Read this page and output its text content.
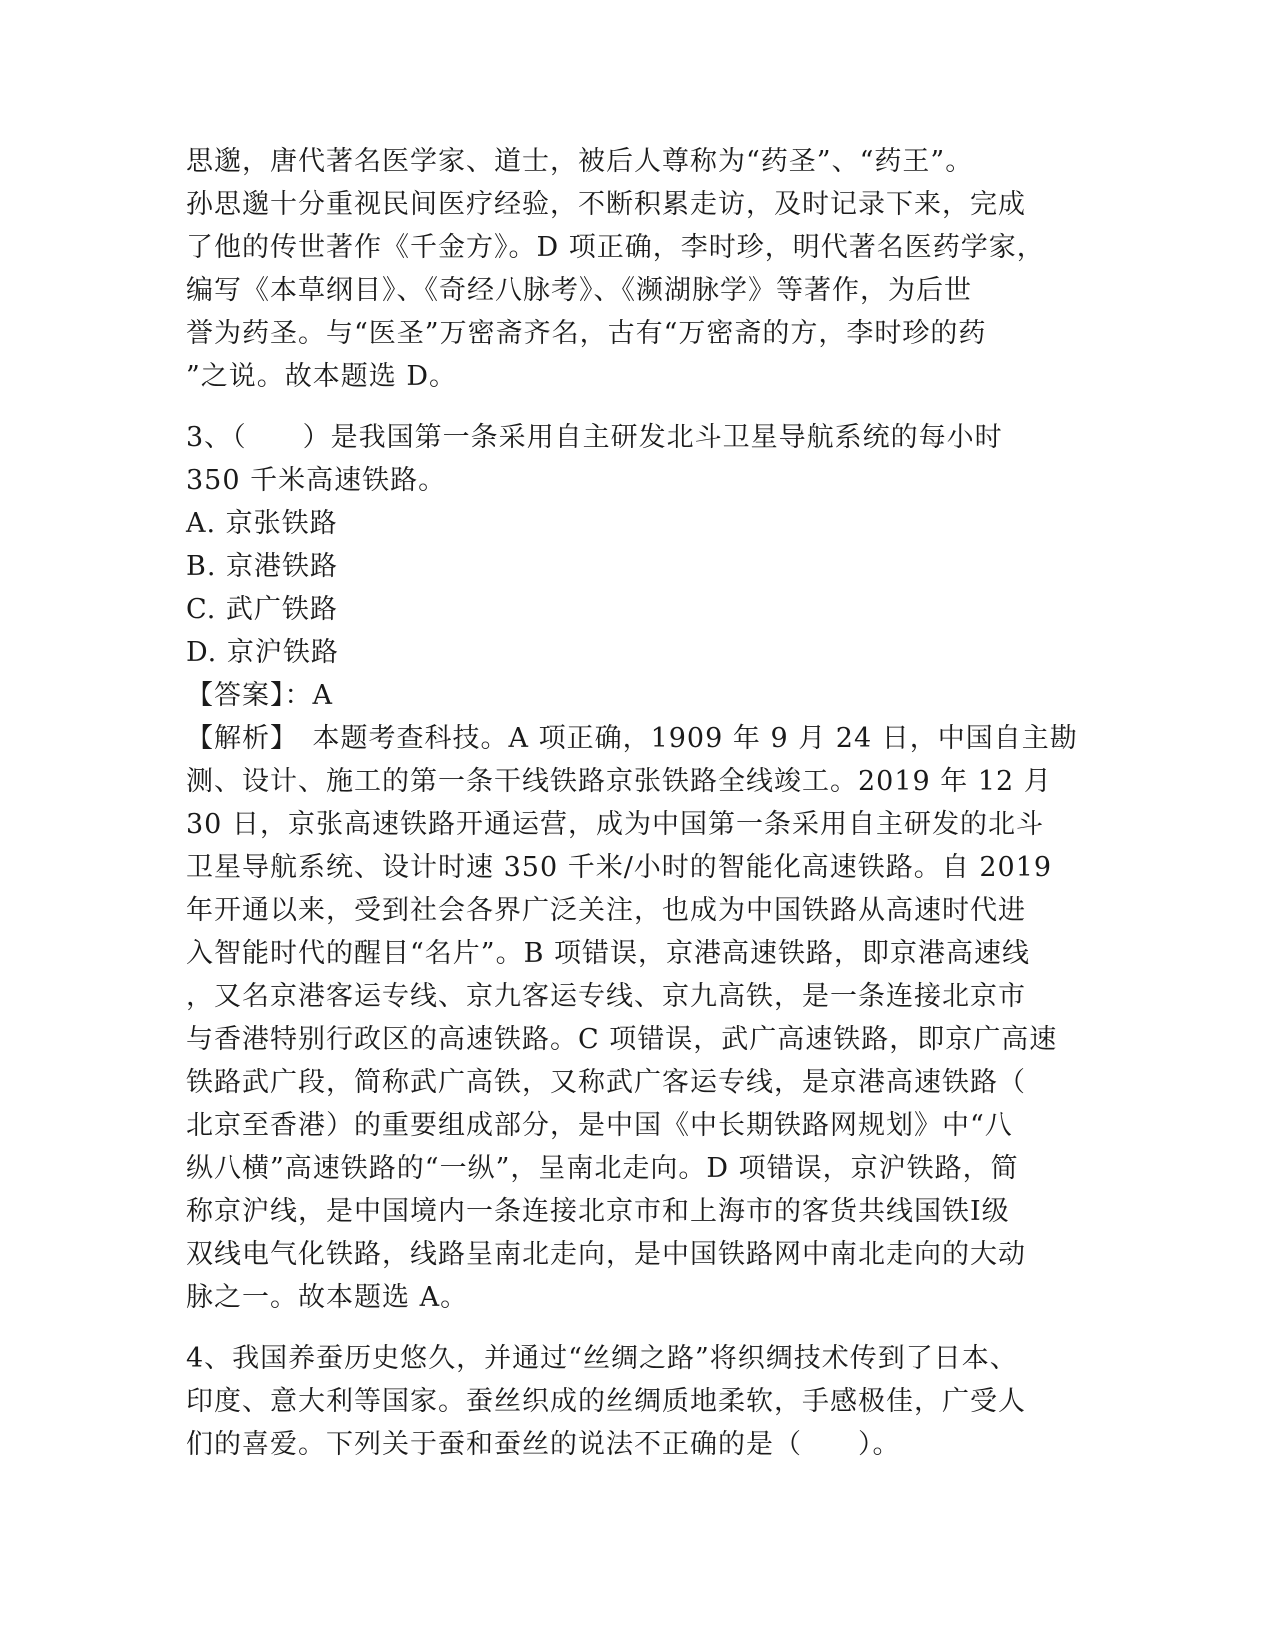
思邈，唐代著名医学家、道士，被后人尊称为“药圣”、“药王”。
孙思邈十分重视民间医疗经验，不断积累走访，及时记录下来，完成
了他的传世著作《千金方》。D 项正确，李时珍，明代著名医药学家，
编写《本草纲目》、《奇经八脉考》、《濒湖脉学》等著作，为后世
誉为药圣。与“医圣”万密斋齐名，古有“万密斋的方，李时珍的药
”之说。故本题选 D。
3、（　　）是我国第一条采用自主研发北斗卫星导航系统的每小时
350 千米高速铁路。
A. 京张铁路
B. 京港铁路
C. 武广铁路
D. 京沪铁路
【答案】：A
【解析】　本题考查科技。A 项正确，1909 年 9 月 24 日，中国自主勘
测、设计、施工的第一条干线铁路京张铁路全线竣工。2019 年 12 月
30 日，京张高速铁路开通运营，成为中国第一条采用自主研发的北斗
卫星导航系统、设计时速 350 千米/小时的智能化高速铁路。自 2019
年开通以来，受到社会各界广泛关注，也成为中国铁路从高速时代进
入智能时代的醒目“名片”。B 项错误，京港高速铁路，即京港高速线
，又名京港客运专线、京九客运专线、京九高铁，是一条连接北京市
与香港特别行政区的高速铁路。C 项错误，武广高速铁路，即京广高速
铁路武广段，简称武广高铁，又称武广客运专线，是京港高速铁路（
北京至香港）的重要组成部分，是中国《中长期铁路网规划》中“八
纵八横”高速铁路的“一纵”，呈南北走向。D 项错误，京沪铁路，简
称京沪线，是中国境内一条连接北京市和上海市的客货共线国铁Ⅰ级
双线电气化铁路，线路呈南北走向，是中国铁路网中南北走向的大动
脉之一。故本题选 A。
4、我国养蚕历史悠久，并通过“丝绸之路”将织绸技术传到了日本、
印度、意大利等国家。蚕丝织成的丝绸质地柔软，手感极佳，广受人
们的喜爱。下列关于蚕和蚕丝的说法不正确的是（　　）。
